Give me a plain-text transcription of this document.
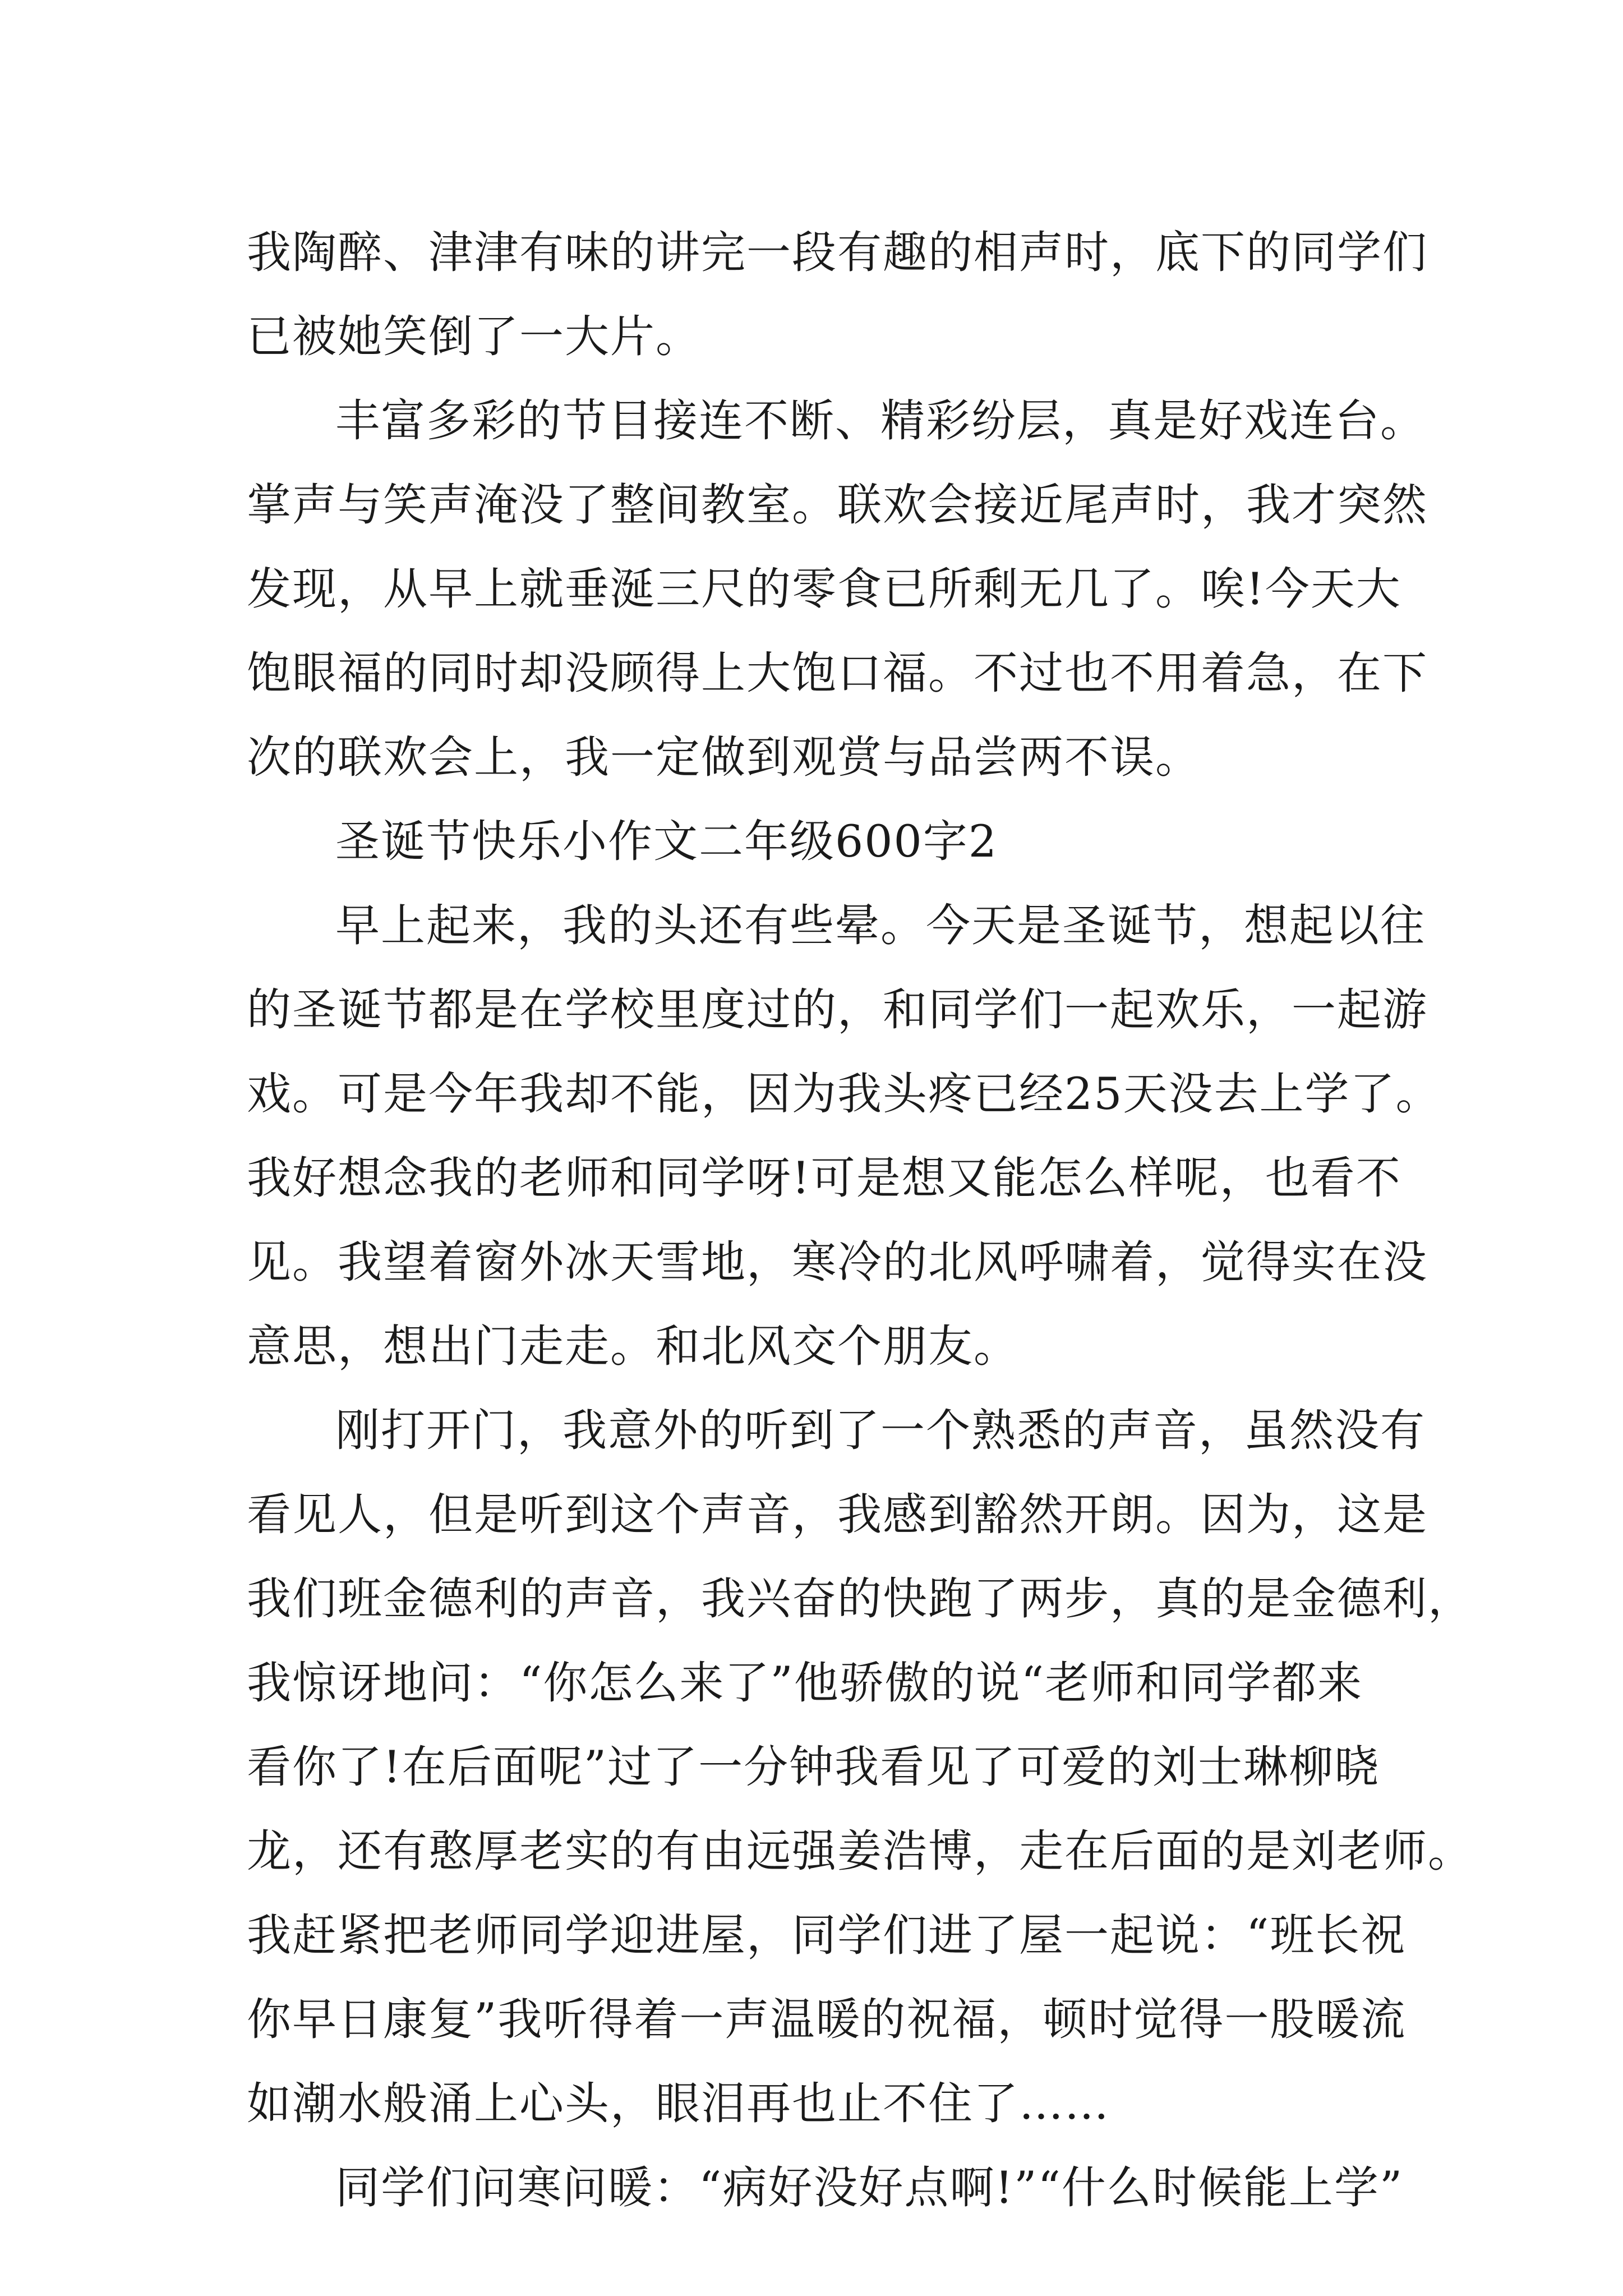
我陶醉、津津有味的讲完一段有趣的相声时，底下的同学们
已被她笑倒了一大片。
丰富多彩的节目接连不断、精彩纷层，真是好戏连台。
掌声与笑声淹没了整间教室。联欢会接近尾声时，我才突然
发现，从早上就垂涎三尺的零食已所剩无几了。唉!今天大
饱眼福的同时却没顾得上大饱口福。不过也不用着急，在下
次的联欢会上，我一定做到观赏与品尝两不误。
圣诞节快乐小作文二年级600字2
早上起来，我的头还有些晕。今天是圣诞节，想起以往
的圣诞节都是在学校里度过的，和同学们一起欢乐，一起游
戏。可是今年我却不能，因为我头疼已经25天没去上学了。
我好想念我的老师和同学呀!可是想又能怎么样呢，也看不
见。我望着窗外冰天雪地，寒冷的北风呼啸着，觉得实在没
意思，想出门走走。和北风交个朋友。
刚打开门，我意外的听到了一个熟悉的声音，虽然没有
看见人，但是听到这个声音，我感到豁然开朗。因为，这是
我们班金德利的声音，我兴奋的快跑了两步，真的是金德利，
我惊讶地问：“你怎么来了”他骄傲的说“老师和同学都来
看你了!在后面呢”过了一分钟我看见了可爱的刘士琳柳晓
龙，还有憨厚老实的有由远强姜浩博，走在后面的是刘老师。
我赶紧把老师同学迎进屋，同学们进了屋一起说：“班长祝
你早日康复”我听得着一声温暖的祝福，顿时觉得一股暖流
如潮水般涌上心头，眼泪再也止不住了……
同学们问寒问暖：“病好没好点啊!”“什么时候能上学”
